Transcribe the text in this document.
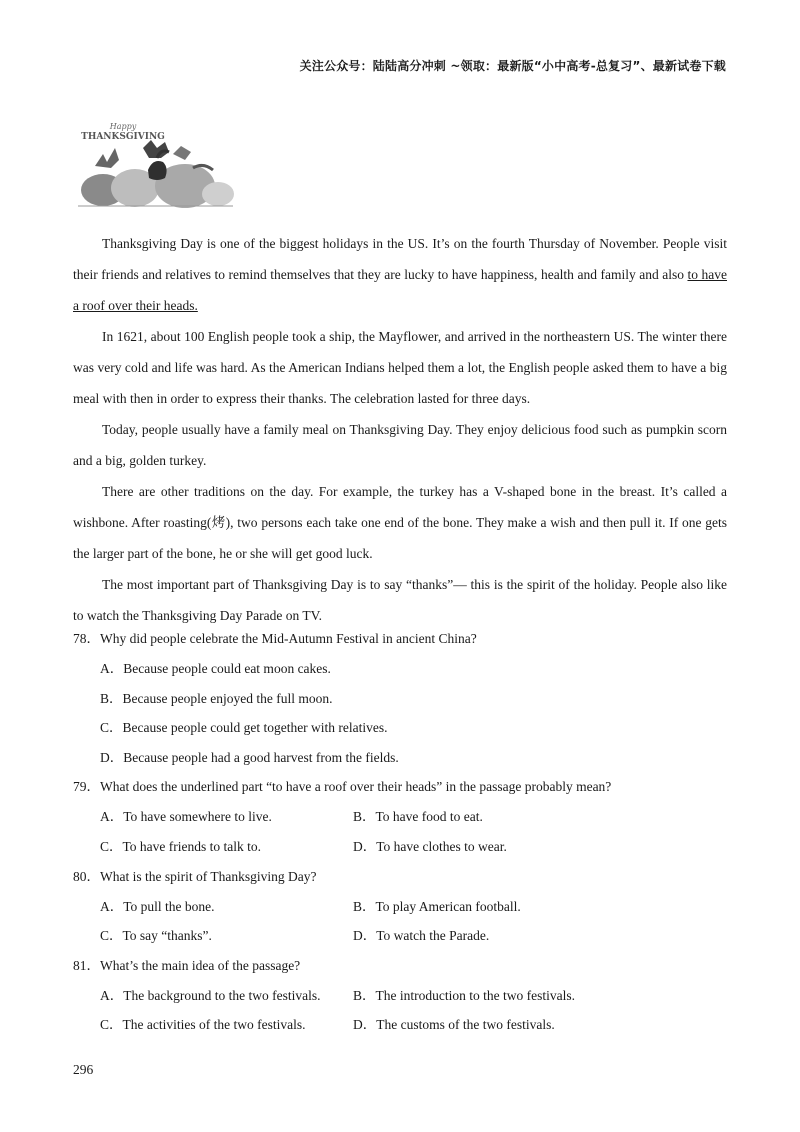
关注公众号：陆陆高分冲刺 ~领取：最新版“小中高考-总复习”、最新试卷下载
Happy
THANKSGIVING

Thanksgiving Day is one of the biggest holidays in the US. It’s on the fourth Thursday of November. People visit their friends and relatives to remind themselves that they are lucky to have happiness, health and family and also to have a roof over their heads.

In 1621, about 100 English people took a ship, the Mayflower, and arrived in the northeastern US. The winter there was very cold and life was hard. As the American Indians helped them a lot, the English people asked them to have a big meal with then in order to express their thanks. The celebration lasted for three days.

Today, people usually have a family meal on Thanksgiving Day. They enjoy delicious food such as pumpkin scorn and a big, golden turkey.

There are other traditions on the day. For example, the turkey has a V-shaped bone in the breast. It’s called a wishbone. After roasting(烤), two persons each take one end of the bone. They make a wish and then pull it. If one gets the larger part of the bone, he or she will get good luck.

The most important part of Thanksgiving Day is to say “thanks”— this is the spirit of the holiday. People also like to watch the Thanksgiving Day Parade on TV.

78．Why did people celebrate the Mid-Autumn Festival in ancient China?
A．Because people could eat moon cakes.
B．Because people enjoyed the full moon.
C．Because people could get together with relatives.
D．Because people had a good harvest from the fields.
79．What does the underlined part “to have a roof over their heads” in the passage probably mean?
A．To have somewhere to live.	B．To have food to eat.
C．To have friends to talk to.	D．To have clothes to wear.
80．What is the spirit of Thanksgiving Day?
A．To pull the bone.	B．To play American football.
C．To say “thanks”.	D．To watch the Parade.
81．What’s the main idea of the passage?
A．The background to the two festivals.	B．The introduction to the two festivals.
C．The activities of the two festivals.	D．The customs of the two festivals.
296
